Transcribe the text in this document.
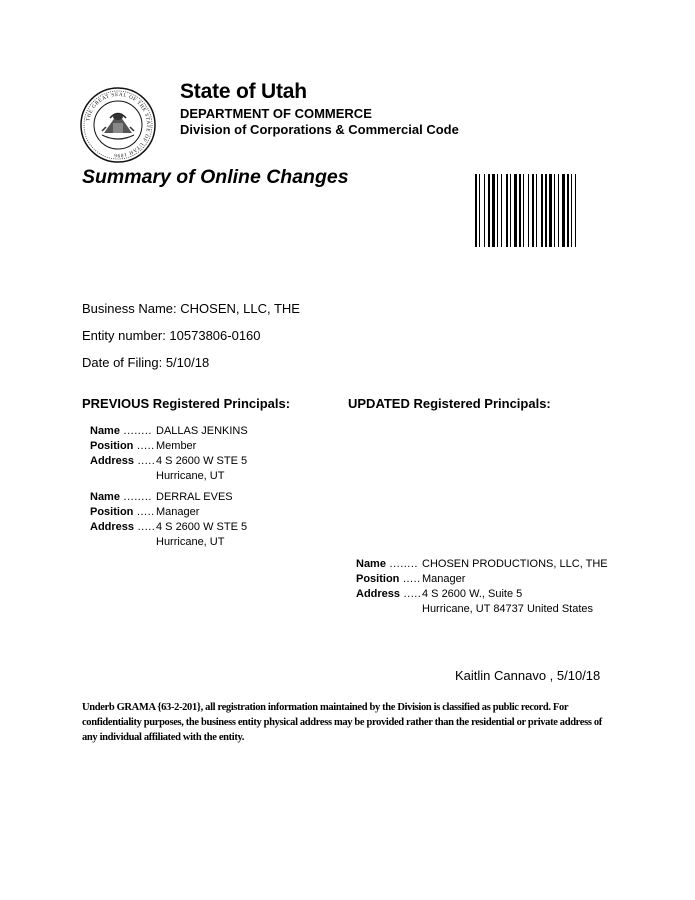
THE GREAT SEAL OF THE STATE OF UTAH 1896
State of Utah
DEPARTMENT OF COMMERCE
Division of Corporations & Commercial Code
Summary of Online Changes
Business Name: CHOSEN, LLC, THE
Entity number: 10573806-0160
Date of Filing: 5/10/18
PREVIOUS Registered Principals:	UPDATED Registered Principals:
Name ........ DALLAS JENKINS
Position ..... Member
Address ..... 4 S 2600 W STE 5
Hurricane, UT
Name ........ DERRAL EVES
Position ..... Manager
Address ..... 4 S 2600 W STE 5
Hurricane, UT
Name ........ CHOSEN PRODUCTIONS, LLC, THE
Position ..... Manager
Address ..... 4 S 2600 W., Suite 5
Hurricane, UT 84737 United States
Kaitlin Cannavo , 5/10/18
Underb GRAMA {63-2-201}, all registration information maintained by the Division is classified as public record. For confidentiality purposes, the business entity physical address may be provided rather than the residential or private address of any individual affiliated with the entity.
